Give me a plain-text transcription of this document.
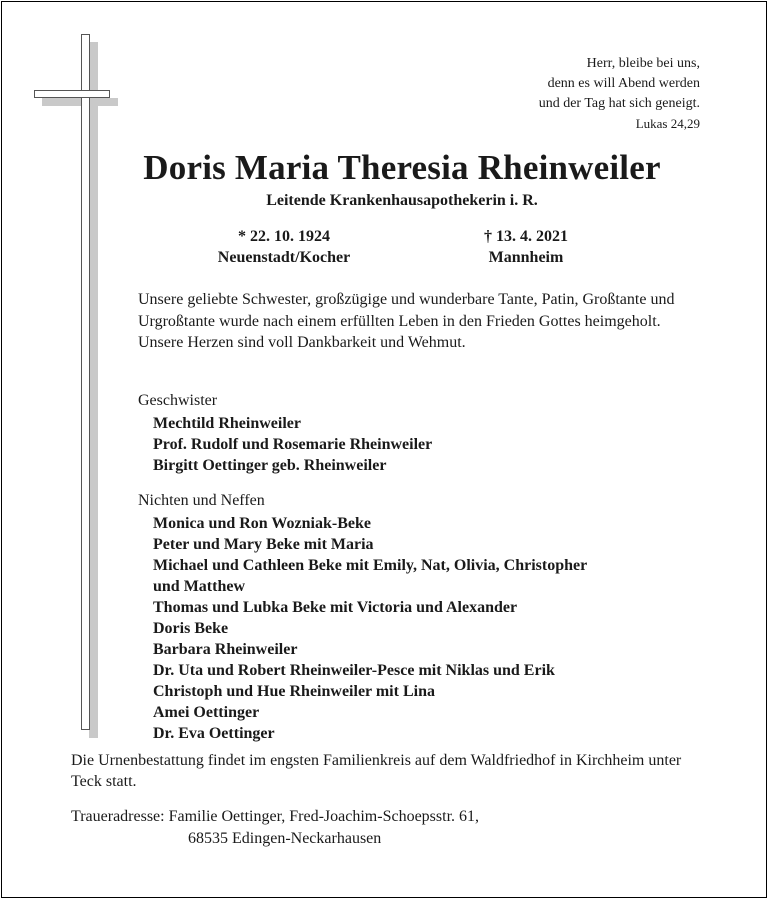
Herr, bleibe bei uns,
denn es will Abend werden
und der Tag hat sich geneigt.
Lukas 24,29
Doris Maria Theresia Rheinweiler
Leitende Krankenhausapothekerin i. R.
* 22. 10. 1924
Neuenstadt/Kocher
† 13. 4. 2021
Mannheim
Unsere geliebte Schwester, großzügige und wunderbare Tante, Patin, Großtante und Urgroßtante wurde nach einem erfüllten Leben in den Frieden Gottes heimgeholt. Unsere Herzen sind voll Dankbarkeit und Wehmut.
Geschwister
Mechtild Rheinweiler
Prof. Rudolf und Rosemarie Rheinweiler
Birgitt Oettinger geb. Rheinweiler
Nichten und Neffen
Monica und Ron Wozniak-Beke
Peter und Mary Beke mit Maria
Michael und Cathleen Beke mit Emily, Nat, Olivia, Christopher
und Matthew
Thomas und Lubka Beke mit Victoria und Alexander
Doris Beke
Barbara Rheinweiler
Dr. Uta und Robert Rheinweiler-Pesce mit Niklas und Erik
Christoph und Hue Rheinweiler mit Lina
Amei Oettinger
Dr. Eva Oettinger
Die Urnenbestattung findet im engsten Familienkreis auf dem Waldfriedhof in Kirchheim unter Teck statt.
Traueradresse: Familie Oettinger, Fred-Joachim-Schoepsstr. 61,
68535 Edingen-Neckarhausen
